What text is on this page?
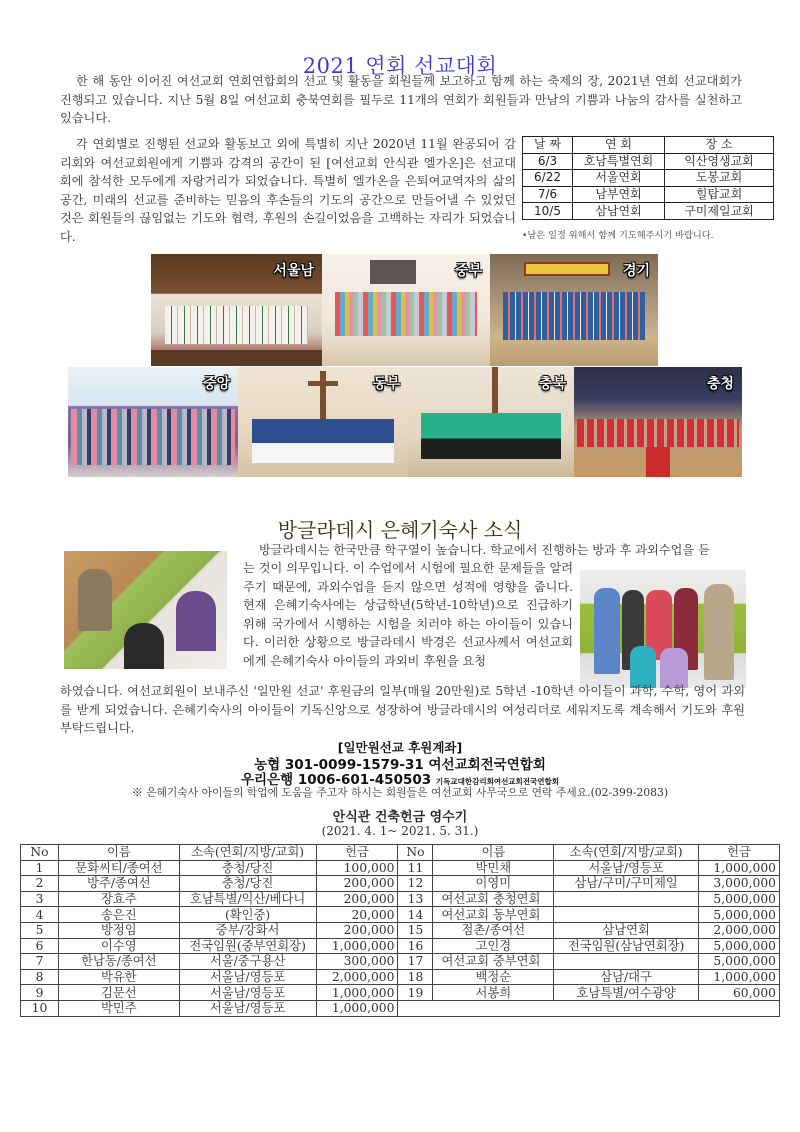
2021 연회 선교대회

한 해 동안 이어진 여선교회 연회연합회의 선교 및 활동을 회원들께 보고하고 함께 하는 축제의 장, 2021년 연회 선교대회가 진행되고 있습니다. 지난 5월 8일 여선교회 충북연회를 필두로 11개의 연회가 회원들과 만남의 기쁨과 나눔의 감사를 실천하고 있습니다.

각 연회별로 진행된 선교와 활동보고 외에 특별히 지난 2020년 11월 완공되어 감리회와 여선교회원에게 기쁨과 감격의 공간이 된 [여선교회 안식관 엘가온]은 선교대회에 참석한 모두에게 자랑거리가 되었습니다. 특별히 엘가온을 은퇴여교역자의 삶의 공간, 미래의 선교를 준비하는 믿음의 후손들의 기도의 공간으로 만들어낼 수 있었던 것은 회원들의 끊임없는 기도와 협력, 후원의 손길이었음을 고백하는 자리가 되었습니다.

날 짜	연 회	장 소
6/3	호남특별연회	익산영생교회
6/22	서울연회	도봉교회
7/6	남부연회	힐탑교회
10/5	삼남연회	구미제일교회
•남은 일정 위해서 함께 기도해주시기 바랍니다.
서울남	중부	경기
중앙	동부	충북	충청
방글라데시 은혜기숙사 소식

방글라데시는 한국만큼 학구열이 높습니다. 학교에서 진행하는 방과 후 과외수업을 듣

는 것이 의무입니다. 이 수업에서 시험에 필요한 문제들을 알려주기 때문에, 과외수업을 듣지 않으면 성적에 영향을 줍니다. 현재 은혜기숙사에는 상급학년(5학년-10학년)으로 진급하기 위해 국가에서 시행하는 시험을 치러야 하는 아이들이 있습니다. 이러한 상황으로 방글라데시 박경은 선교사께서 여선교회에게 은혜기숙사 아이들의 과외비 후원을 요청

하였습니다. 여선교회원이 보내주신 '일만원 선교' 후원금의 일부(매월 20만원)로 5학년 -10학년 아이들이 과학, 수학, 영어 과외를 받게 되었습니다. 은혜기숙사의 아이들이 기독신앙으로 성장하여 방글라데시의 여성리더로 세워지도록 계속해서 기도와 후원 부탁드립니다.

[일만원선교 후원계좌]
농협 301-0099-1579-31 여선교회전국연합회
우리은행 1006-601-450503 기독교대한감리회여선교회전국연합회
※ 은혜기숙사 아이들의 학업에 도움을 주고자 하시는 회원들은 여선교회 사무국으로 연락 주세요.(02-399-2083)
안식관 건축헌금 영수기
(2021. 4. 1~ 2021. 5. 31.)
No	이름	소속(연회/지방/교회)	헌금	No	이름	소속(연회/지방/교회)	헌금
1	문화씨티/종여선	충청/당진	100,000	11	박민채	서울남/영등포	1,000,000
2	방주/종여선	충청/당진	200,000	12	이영미	삼남/구미/구미제일	3,000,000
3	장효주	호남특별/익산/베다니	200,000	13	여선교회 충청연회		5,000,000
4	송은진	(확인중)	20,000	14	여선교회 동부연회		5,000,000
5	방정임	중부/강화서	200,000	15	점촌/종여선	삼남연회	2,000,000
6	이수영	전국임원(중부연회장)	1,000,000	16	고인경	전국임원(삼남연회장)	5,000,000
7	한남동/종여선	서울/중구용산	300,000	17	여선교회 중부연회		5,000,000
8	박유한	서울남/영등포	2,000,000	18	백정순	삼남/대구	1,000,000
9	김문선	서울남/영등포	1,000,000	19	서봉희	호남특별/여수광양	60,000
10	박민주	서울남/영등포	1,000,000				
